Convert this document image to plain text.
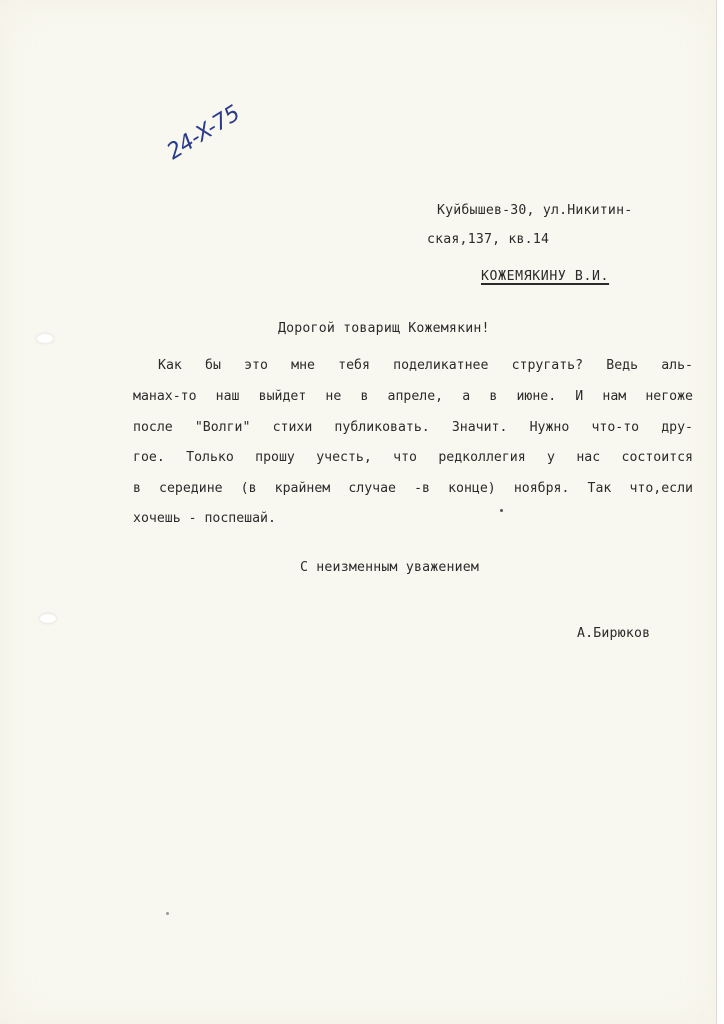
24-X-75
Куйбышев-30, ул.Никитин-
ская,137, кв.14
КОЖЕМЯКИНУ В.И.
Дорогой товарищ Кожемякин!
Как бы это мне тебя поделикатнее стругать? Ведь аль-
манах-то наш выйдет не в апреле, а в июне. И нам негоже
после "Волги" стихи публиковать. Значит. Нужно что-то дру-
гое. Только прошу учесть, что редколлегия у нас состоится
в середине (в крайнем случае -в конце) ноября. Так что,если
хочешь - поспешай.
С неизменным уважением
А.Бирюков
